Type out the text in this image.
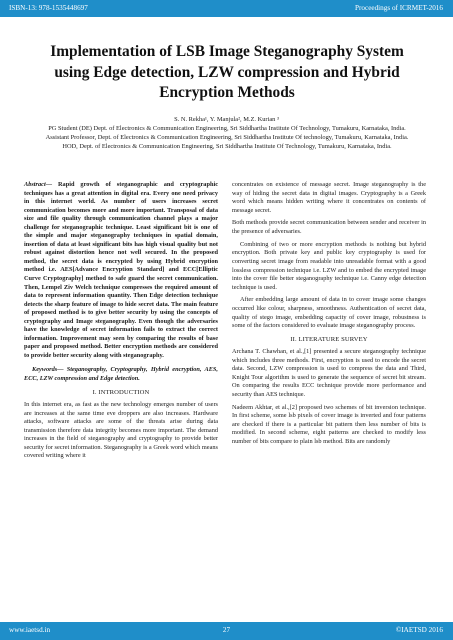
ISBN-13: 978-1535448697	Proceedings of ICRMET-2016
Implementation of LSB Image Steganography System using Edge detection, LZW compression and Hybrid Encryption Methods
S. N. Rekha¹, Y. Manjula², M.Z. Kurian ³
PG Student (DE) Dept. of Electronics & Communication Engineering, Sri Siddhartha Institute Of Technology, Tumakuru, Karnataka, India.
Assistant Professor, Dept. of Electronics & Communication Engineering, Sri Siddhartha Institute Of technology, Tumakuru, Karnataka, India.
HOD, Dept. of Electronics & Communication Engineering, Sri Siddhartha Institute Of Technology, Tumakuru, Karnataka, India.

Abstract— Rapid growth of steganographic and cryptographic techniques has a great attention in digital era. Every one need privacy in this internet world. As number of users increases secret communication becomes more and more important. Transposal of data size and file quality through communication channel plays a major challenge for steganographic technique. Least significant bit is one of the simple and major steganography techniques in spatial domain, insertion of data at least significant bits has high visual quality but not robust against distortion hence not well secured. In the proposed method, the secret data is encrypted by using Hybrid encryption method i.e. AES[Advance Encryption Standard] and ECC[Elliptic Curve Cryptography] method to safe guard the secret communication. Then, Lempel Ziv Welch technique compresses the required amount of data to represent information quantity. Then Edge detection technique detects the sharp feature of image to hide secret data. The main feature of proposed method is to give better security by using the concepts of cryptography and Image steganography. Even though the adversaries have the knowledge of secret information fails to extract the correct information. Improvement may seen by comparing the results of base paper and proposed method. Better encryption methods are considered to provide better security along with steganography.

Keywords— Steganography, Cryptography, Hybrid encryption, AES, ECC, LZW compression and Edge detection.

I. INTRODUCTION

In this internet era, as fast as the new technology emerges number of users are increases at the same time eve droppers are also increases. Hardware attacks, software attacks are some of the threats arise during data transmission therefore data integrity becomes more important. The demand increases in the field of steganography and cryptography to provide better security for secret information. Steganography is a Greek word which means covered writing where it

concentrates on existence of message secret. Image steganography is the way of hiding the secret data in digital images. Cryptography is a Greek word which means hidden writing where it concentrates on contents of message secret.

Both methods provide secret communication between sender and receiver in the presence of adversaries.

Combining of two or more encryption methods is nothing but hybrid encryption. Both private key and public key cryptography is used for converting secret image from readable into unreadable format with a good lossless compression technique i.e. LZW and to embed the encrypted image into the cover file better steganography technique i.e. Canny edge detection technique is used.

After embedding large amount of data in to cover image some changes occurred like colour, sharpness, smoothness. Authentication of secret data, quality of stego image, embedding capacity of cover image, robustness is some of the factors considered to evaluate image steganography process.

II. LITERATURE SURVEY

Archana T. Chawhan, et al.,[1] presented a secure steganography technique which includes three methods. First, encryption is used to encode the secret data. Second, LZW compression is used to compress the data and Third, Knight Tour algorithm is used to generate the sequence of secret bit stream. On comparing the results ECC technique provide more performance and security than AES technique.

Nadeem Akhtar, et al.,[2] proposed two schemes of bit inversion technique. In first scheme, some lsb pixels of cover image is inverted and four patterns are checked if there is a particular bit pattern then less number of bits is modified. In second scheme, eight patterns are checked to modify less number of bits compare to plain lsb method. Bits are randomly

www.iaetsd.in	27	©IAETSD 2016
